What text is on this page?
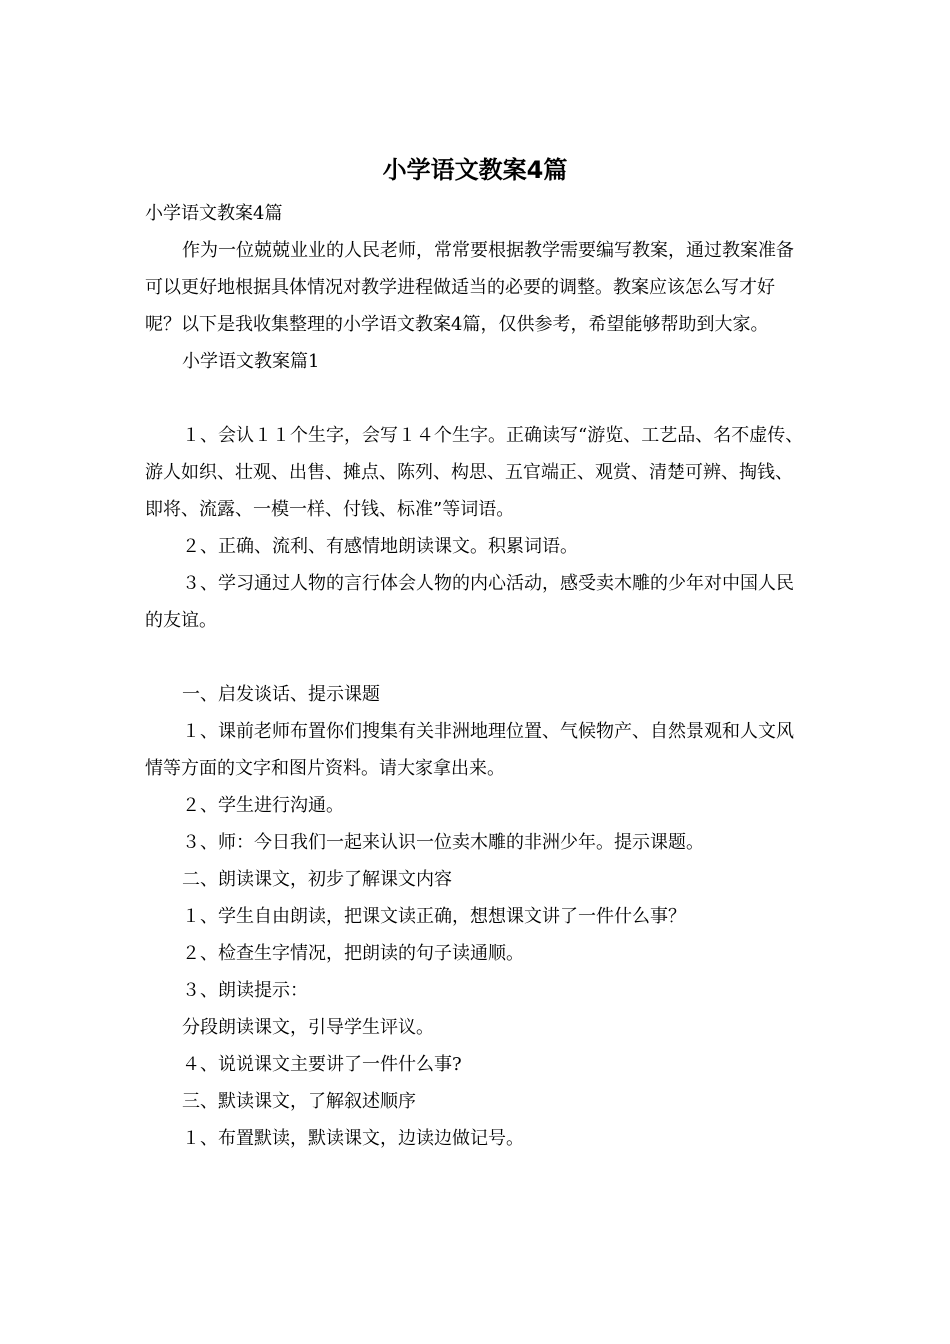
小学语文教案4篇

小学语文教案4篇

作为一位兢兢业业的人民老师，常常要根据教学需要编写教案，通过教案准备可以更好地根据具体情况对教学进程做适当的必要的调整。教案应该怎么写才好呢？以下是我收集整理的小学语文教案4篇，仅供参考，希望能够帮助到大家。

小学语文教案篇1

１、会认１１个生字，会写１４个生字。正确读写“游览、工艺品、名不虚传、游人如织、壮观、出售、摊点、陈列、构思、五官端正、观赏、清楚可辨、掏钱、即将、流露、一模一样、付钱、标准”等词语。

２、正确、流利、有感情地朗读课文。积累词语。

３、学习通过人物的言行体会人物的内心活动，感受卖木雕的少年对中国人民的友谊。

一、启发谈话、提示课题

１、课前老师布置你们搜集有关非洲地理位置、气候物产、自然景观和人文风情等方面的文字和图片资料。请大家拿出来。

２、学生进行沟通。

３、师：今日我们一起来认识一位卖木雕的非洲少年。提示课题。

二、朗读课文，初步了解课文内容

１、学生自由朗读，把课文读正确，想想课文讲了一件什么事？

２、检查生字情况，把朗读的句子读通顺。

３、朗读提示：

分段朗读课文，引导学生评议。

４、说说课文主要讲了一件什么事?

三、默读课文，了解叙述顺序

１、布置默读，默读课文，边读边做记号。
